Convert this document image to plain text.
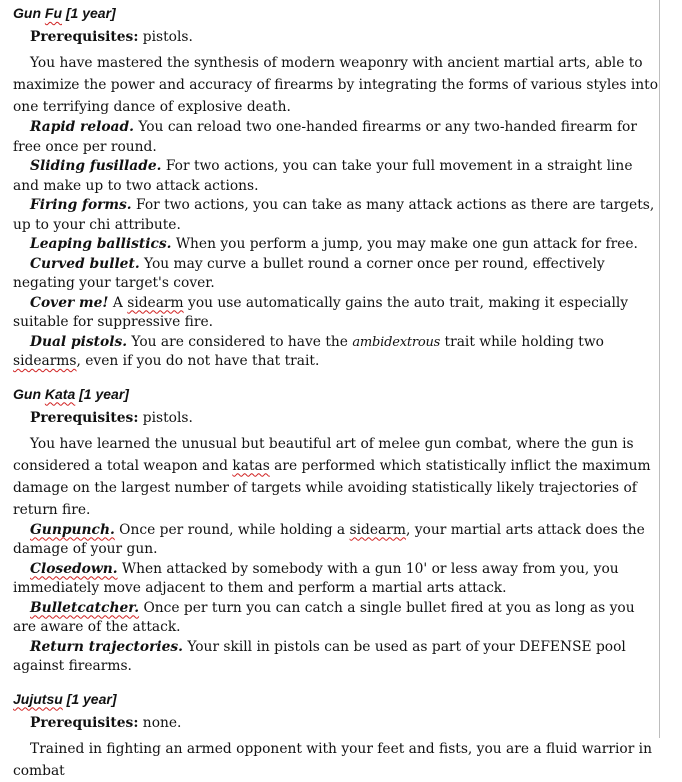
Gun Fu [1 year]

Prerequisites: pistols.

You have mastered the synthesis of modern weaponry with ancient martial arts, able to maximize the power and accuracy of firearms by integrating the forms of various styles into one terrifying dance of explosive death.

Rapid reload. You can reload two one-handed firearms or any two-handed firearm for free once per round.

Sliding fusillade. For two actions, you can take your full movement in a straight line and make up to two attack actions.

Firing forms. For two actions, you can take as many attack actions as there are targets, up to your chi attribute.

Leaping ballistics. When you perform a jump, you may make one gun attack for free.

Curved bullet. You may curve a bullet round a corner once per round, effectively negating your target's cover.

Cover me! A sidearm you use automatically gains the auto trait, making it especially suitable for suppressive fire.

Dual pistols. You are considered to have the ambidextrous trait while holding two sidearms, even if you do not have that trait.

Gun Kata [1 year]

Prerequisites: pistols.

You have learned the unusual but beautiful art of melee gun combat, where the gun is considered a total weapon and katas are performed which statistically inflict the maximum damage on the largest number of targets while avoiding statistically likely trajectories of return fire.

Gunpunch. Once per round, while holding a sidearm, your martial arts attack does the damage of your gun.

Closedown. When attacked by somebody with a gun 10' or less away from you, you immediately move adjacent to them and perform a martial arts attack.

Bulletcatcher. Once per turn you can catch a single bullet fired at you as long as you are aware of the attack.

Return trajectories. Your skill in pistols can be used as part of your DEFENSE pool against firearms.

Jujutsu [1 year]

Prerequisites: none.

Trained in fighting an armed opponent with your feet and fists, you are a fluid warrior in combat
